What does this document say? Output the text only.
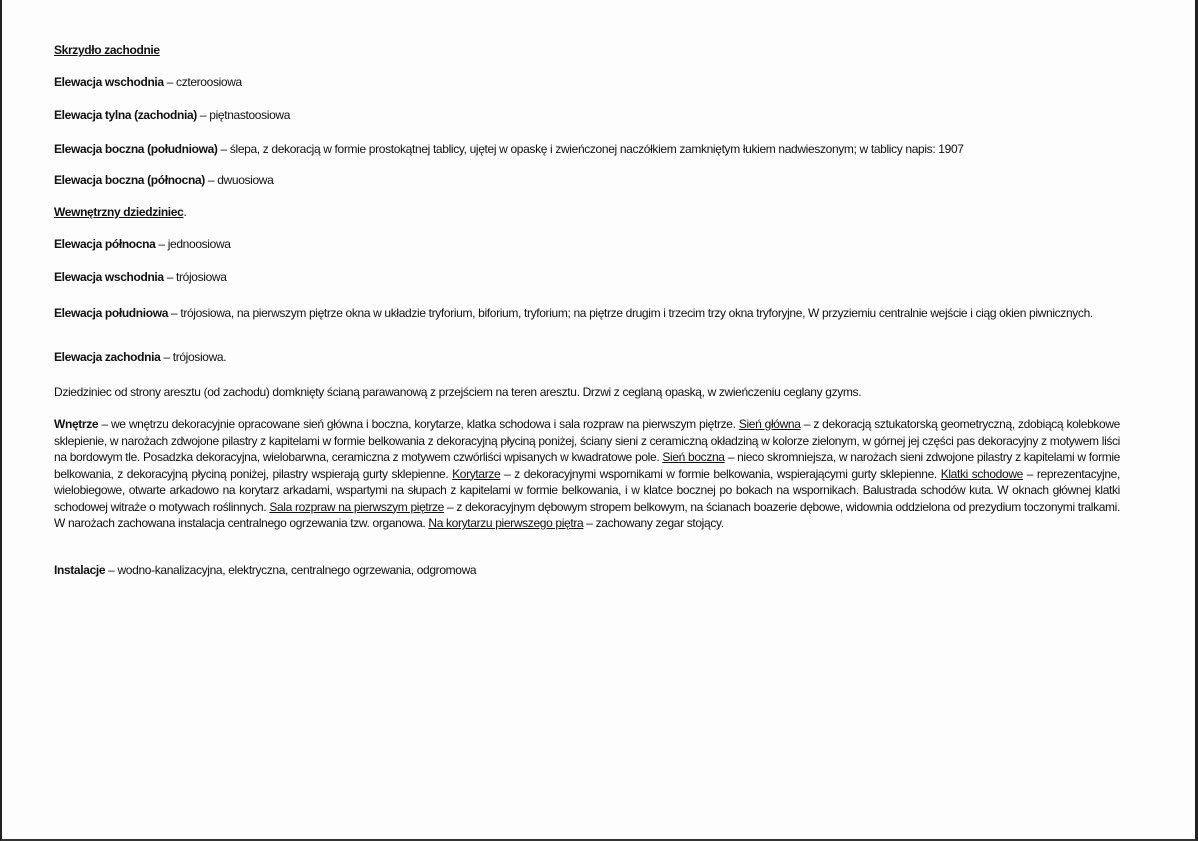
Skrzydło zachodnie

Elewacja wschodnia – czteroosiowa

Elewacja tylna (zachodnia) – piętnastoosiowa

Elewacja boczna (południowa) – ślepa, z dekoracją w formie prostokątnej tablicy, ujętej w opaskę i zwieńczonej naczółkiem zamkniętym łukiem nadwieszonym; w tablicy napis: 1907

Elewacja boczna (północna) – dwuosiowa

Wewnętrzny dziedziniec.

Elewacja północna – jednoosiowa

Elewacja wschodnia – trójosiowa

Elewacja południowa – trójosiowa, na pierwszym piętrze okna w układzie tryforium, biforium, tryforium; na piętrze drugim i trzecim trzy okna tryforyjne, W przyziemiu centralnie wejście i ciąg okien piwnicznych.

Elewacja zachodnia – trójosiowa.

Dziedziniec od strony aresztu (od zachodu) domknięty ścianą parawanową z przejściem na teren aresztu. Drzwi z ceglaną opaską, w zwieńczeniu ceglany gzyms.

Wnętrze – we wnętrzu dekoracyjnie opracowane sień główna i boczna, korytarze, klatka schodowa i sala rozpraw na pierwszym piętrze. Sień główna – z dekoracją sztukatorską geometryczną, zdobiącą kolebkowe sklepienie, w narożach zdwojone pilastry z kapitelami w formie belkowania z dekoracyjną płyciną poniżej, ściany sieni z ceramiczną okładziną w kolorze zielonym, w górnej jej części pas dekoracyjny z motywem liści na bordowym tle. Posadzka dekoracyjna, wielobarwna, ceramiczna z motywem czwórliści wpisanych w kwadratowe pole. Sień boczna – nieco skromniejsza, w narożach sieni zdwojone pilastry z kapitelami w formie belkowania, z dekoracyjną płyciną poniżej, pilastry wspierają gurty sklepienne. Korytarze – z dekoracyjnymi wspornikami w formie belkowania, wspierającymi gurty sklepienne. Klatki schodowe – reprezentacyjne, wielobiegowe, otwarte arkadowo na korytarz arkadami, wspartymi na słupach z kapitelami w formie belkowania, i w klatce bocznej po bokach na wspornikach. Balustrada schodów kuta. W oknach głównej klatki schodowej witraże o motywach roślinnych. Sala rozpraw na pierwszym piętrze – z dekoracyjnym dębowym stropem belkowym, na ścianach boazerie dębowe, widownia oddzielona od prezydium toczonymi tralkami. W narożach zachowana instalacja centralnego ogrzewania tzw. organowa. Na korytarzu pierwszego piętra – zachowany zegar stojący.

Instalacje – wodno-kanalizacyjna, elektryczna, centralnego ogrzewania, odgromowa
